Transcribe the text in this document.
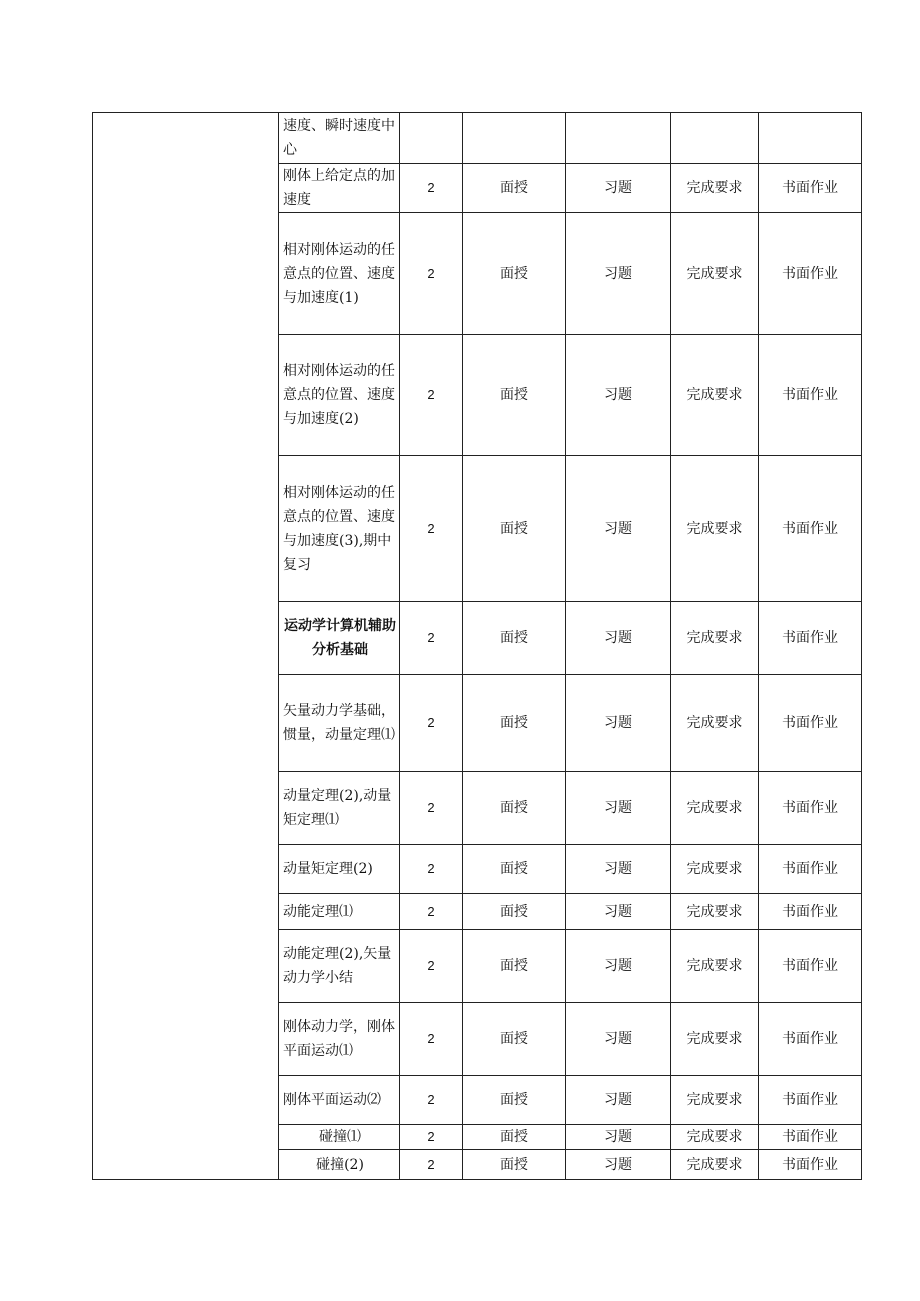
	速度、瞬时速度中心					
	刚体上给定点的加速度	2	面授	习题	完成要求	书面作业
	相对刚体运动的任意点的位置、速度与加速度(1)	2	面授	习题	完成要求	书面作业
	相对刚体运动的任意点的位置、速度与加速度(2)	2	面授	习题	完成要求	书面作业
	相对刚体运动的任意点的位置、速度与加速度(3),期中复习	2	面授	习题	完成要求	书面作业
	运动学计算机辅助分析基础	2	面授	习题	完成要求	书面作业
	矢量动力学基础，惯量，动量定理⑴	2	面授	习题	完成要求	书面作业
	动量定理(2),动量矩定理⑴	2	面授	习题	完成要求	书面作业
	动量矩定理(2)	2	面授	习题	完成要求	书面作业
	动能定理⑴	2	面授	习题	完成要求	书面作业
	动能定理(2),矢量动力学小结	2	面授	习题	完成要求	书面作业
	刚体动力学，刚体平面运动⑴	2	面授	习题	完成要求	书面作业
	刚体平面运动⑵	2	面授	习题	完成要求	书面作业
	碰撞⑴	2	面授	习题	完成要求	书面作业
	碰撞(2)	2	面授	习题	完成要求	书面作业
